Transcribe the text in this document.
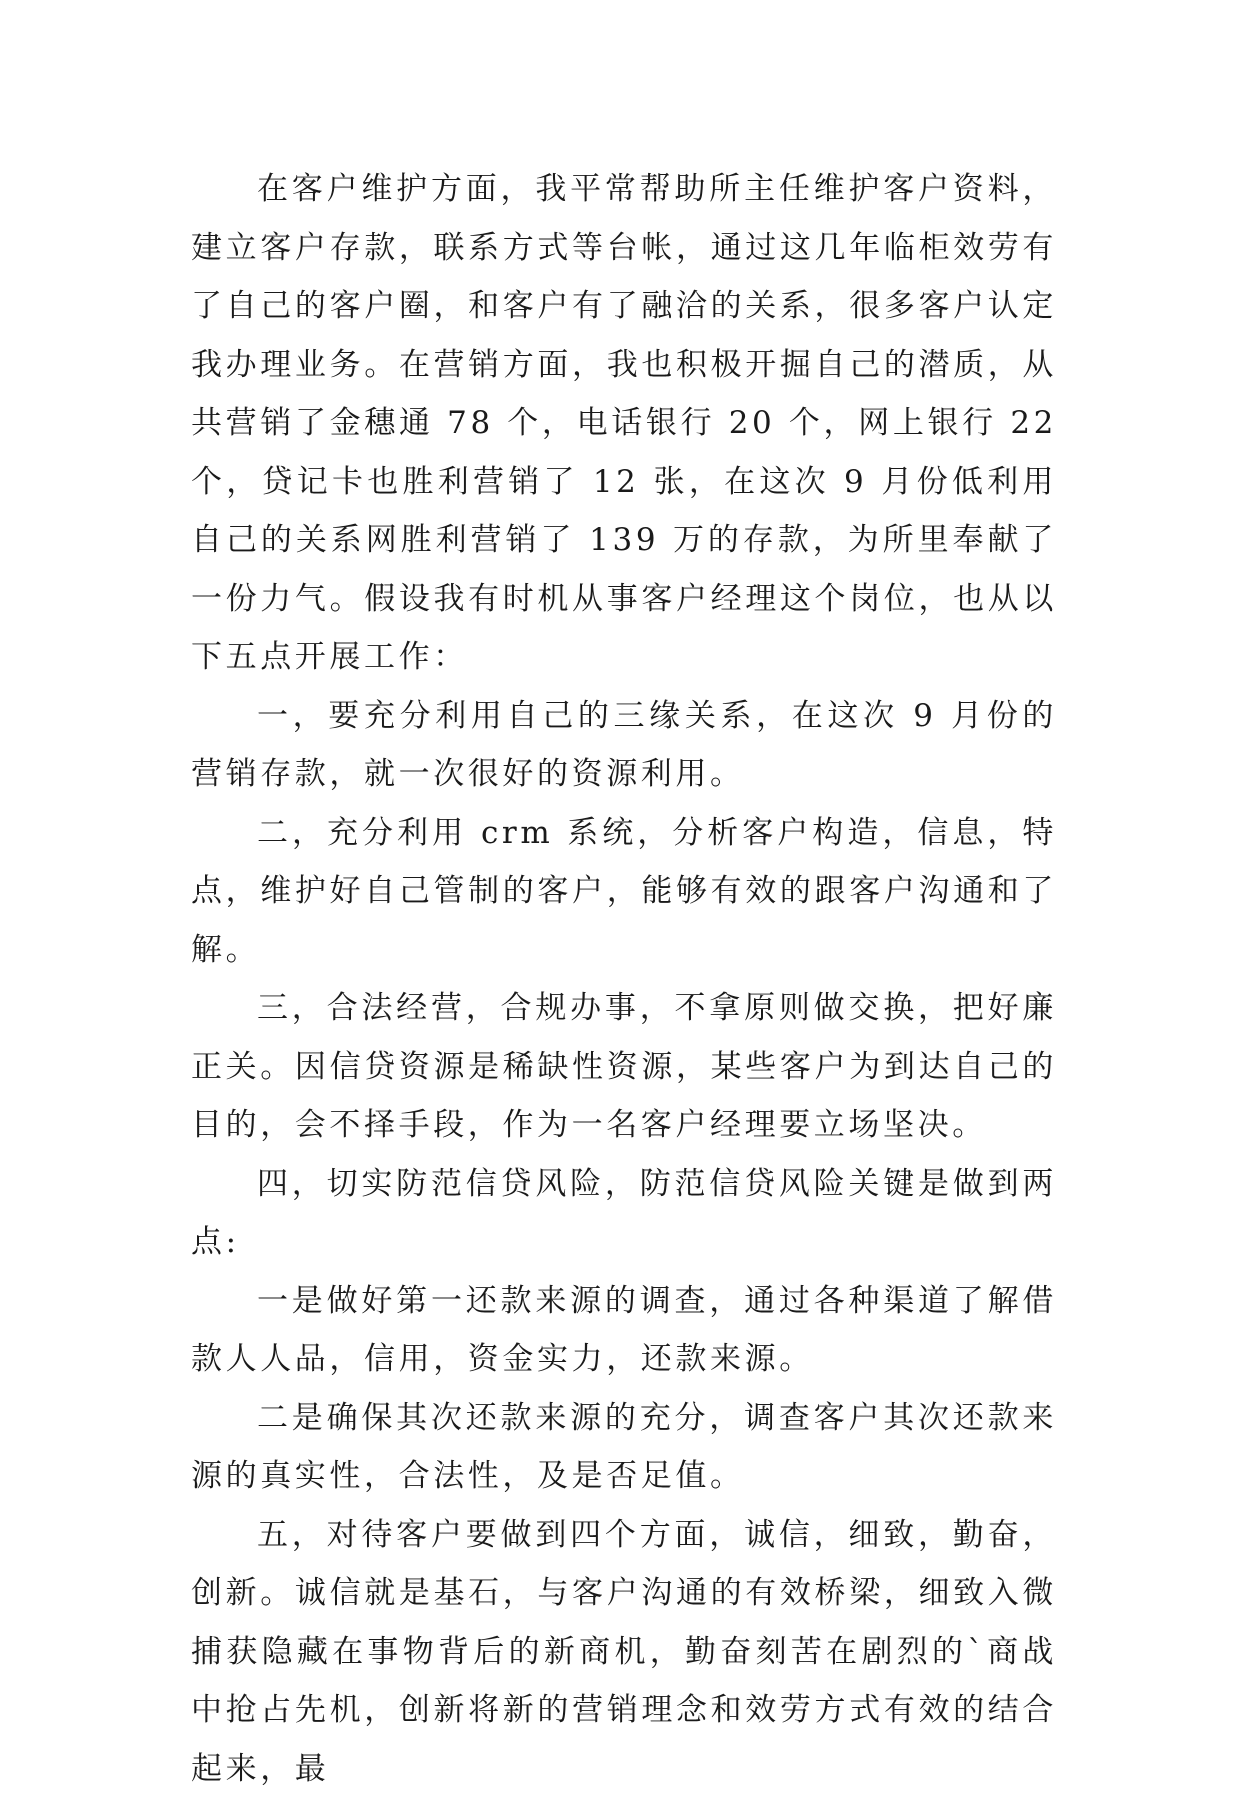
在客户维护方面，我平常帮助所主任维护客户资料，建立客户存款，联系方式等台帐，通过这几年临柜效劳有了自己的客户圈，和客户有了融洽的关系，很多客户认定我办理业务。在营销方面，我也积极开掘自己的潜质，从共营销了金穗通 78 个，电话银行 20 个，网上银行 22 个，贷记卡也胜利营销了 12 张，在这次 9 月份低利用自己的关系网胜利营销了 139 万的存款，为所里奉献了一份力气。假设我有时机从事客户经理这个岗位，也从以下五点开展工作：

一，要充分利用自己的三缘关系，在这次 9 月份的营销存款，就一次很好的资源利用。

二，充分利用 crm 系统，分析客户构造，信息，特点，维护好自己管制的客户，能够有效的跟客户沟通和了解。

三，合法经营，合规办事，不拿原则做交换，把好廉正关。因信贷资源是稀缺性资源，某些客户为到达自己的目的，会不择手段，作为一名客户经理要立场坚决。

四，切实防范信贷风险，防范信贷风险关键是做到两点:

一是做好第一还款来源的调查，通过各种渠道了解借款人人品，信用，资金实力，还款来源。

二是确保其次还款来源的充分，调查客户其次还款来源的真实性，合法性，及是否足值。

五，对待客户要做到四个方面，诚信，细致，勤奋，创新。诚信就是基石，与客户沟通的有效桥梁，细致入微捕获隐藏在事物背后的新商机，勤奋刻苦在剧烈的`商战中抢占先机，创新将新的营销理念和效劳方式有效的结合起来，最
